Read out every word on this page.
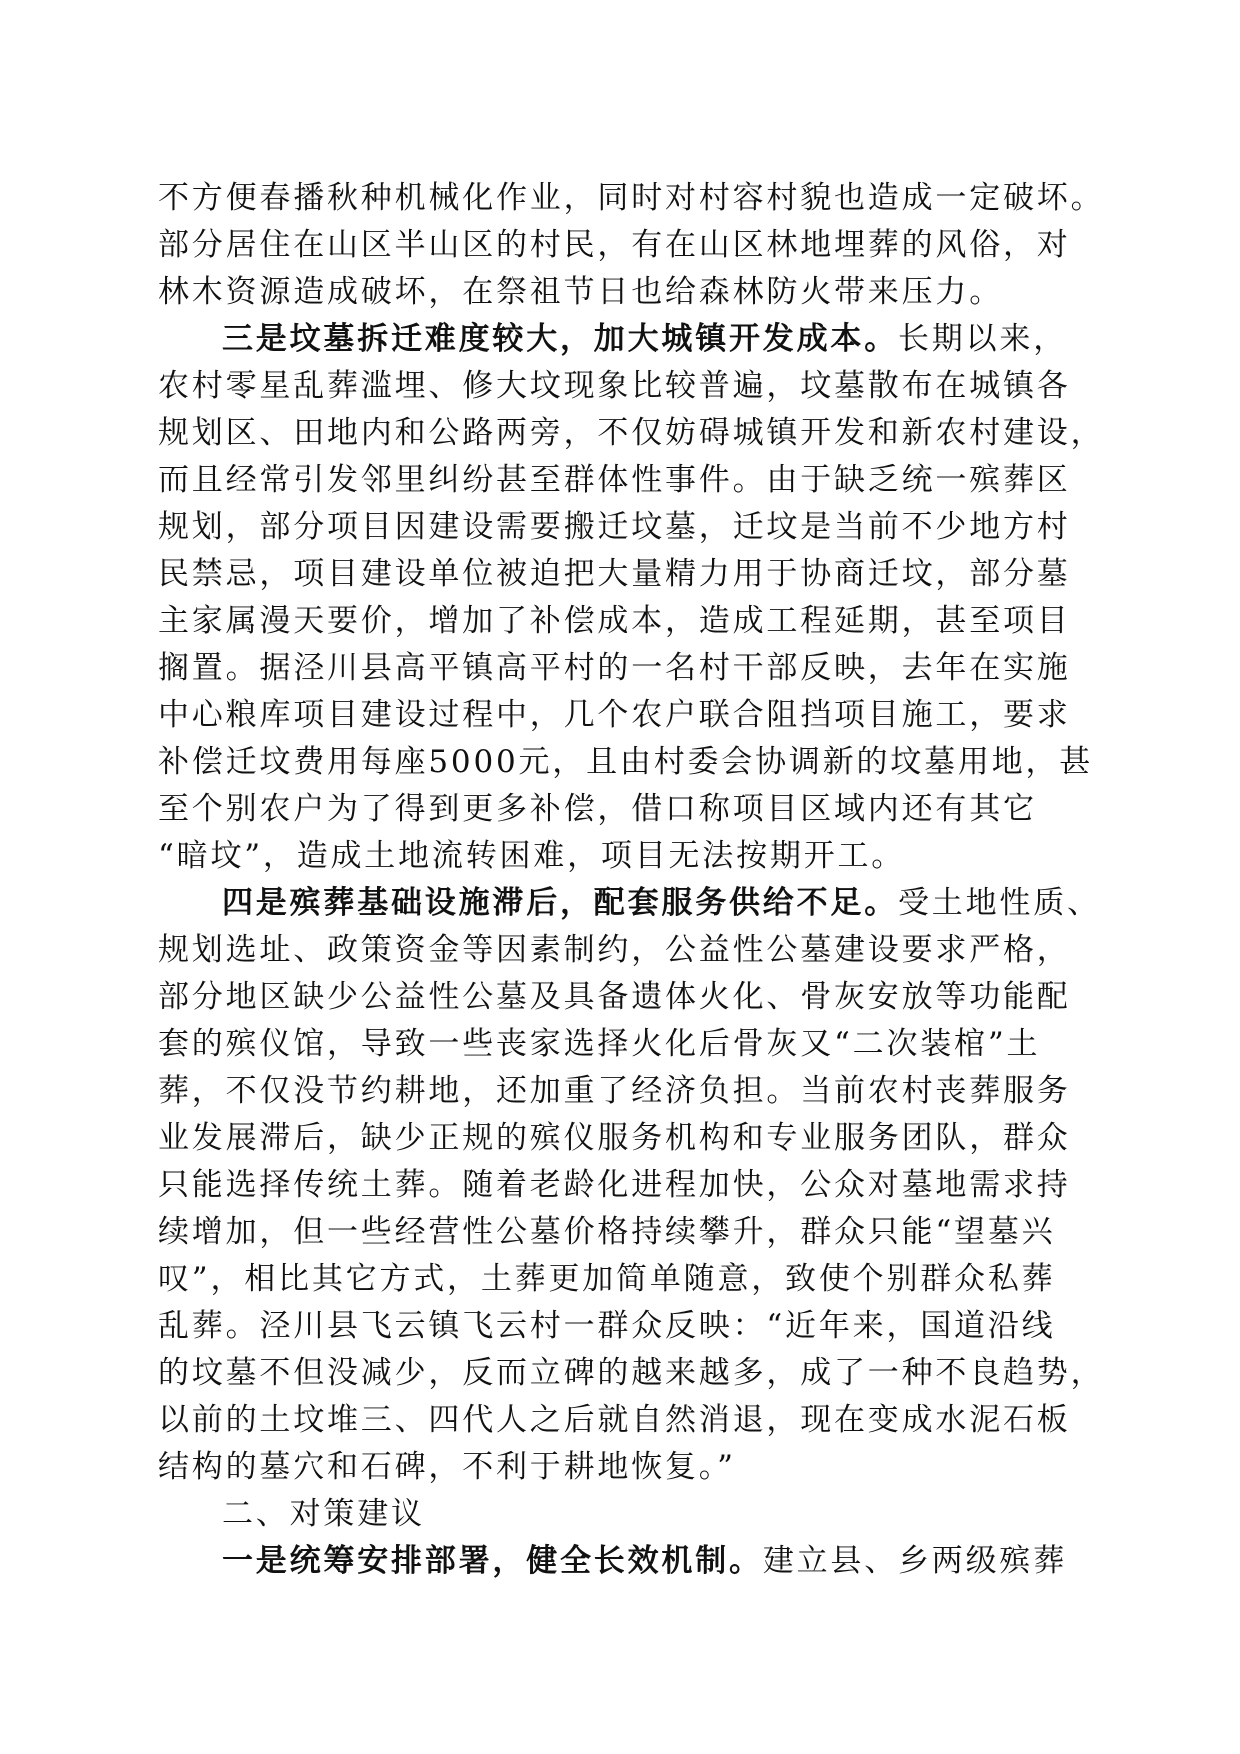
不方便春播秋种机械化作业，同时对村容村貌也造成一定破坏。
部分居住在山区半山区的村民，有在山区林地埋葬的风俗，对
林木资源造成破坏，在祭祖节日也给森林防火带来压力。
三是坟墓拆迁难度较大，加大城镇开发成本。长期以来，
农村零星乱葬滥埋、修大坟现象比较普遍，坟墓散布在城镇各
规划区、田地内和公路两旁，不仅妨碍城镇开发和新农村建设，
而且经常引发邻里纠纷甚至群体性事件。由于缺乏统一殡葬区
规划，部分项目因建设需要搬迁坟墓，迁坟是当前不少地方村
民禁忌，项目建设单位被迫把大量精力用于协商迁坟，部分墓
主家属漫天要价，增加了补偿成本，造成工程延期，甚至项目
搁置。据泾川县高平镇高平村的一名村干部反映，去年在实施
中心粮库项目建设过程中，几个农户联合阻挡项目施工，要求
补偿迁坟费用每座5000元，且由村委会协调新的坟墓用地，甚
至个别农户为了得到更多补偿，借口称项目区域内还有其它
“暗坟”，造成土地流转困难，项目无法按期开工。
四是殡葬基础设施滞后，配套服务供给不足。受土地性质、
规划选址、政策资金等因素制约，公益性公墓建设要求严格，
部分地区缺少公益性公墓及具备遗体火化、骨灰安放等功能配
套的殡仪馆，导致一些丧家选择火化后骨灰又“二次装棺”土
葬，不仅没节约耕地，还加重了经济负担。当前农村丧葬服务
业发展滞后，缺少正规的殡仪服务机构和专业服务团队，群众
只能选择传统土葬。随着老龄化进程加快，公众对墓地需求持
续增加，但一些经营性公墓价格持续攀升，群众只能“望墓兴
叹”，相比其它方式，土葬更加简单随意，致使个别群众私葬
乱葬。泾川县飞云镇飞云村一群众反映：“近年来，国道沿线
的坟墓不但没减少，反而立碑的越来越多，成了一种不良趋势，
以前的土坟堆三、四代人之后就自然消退，现在变成水泥石板
结构的墓穴和石碑，不利于耕地恢复。”
二、对策建议
一是统筹安排部署，健全长效机制。建立县、乡两级殡葬
